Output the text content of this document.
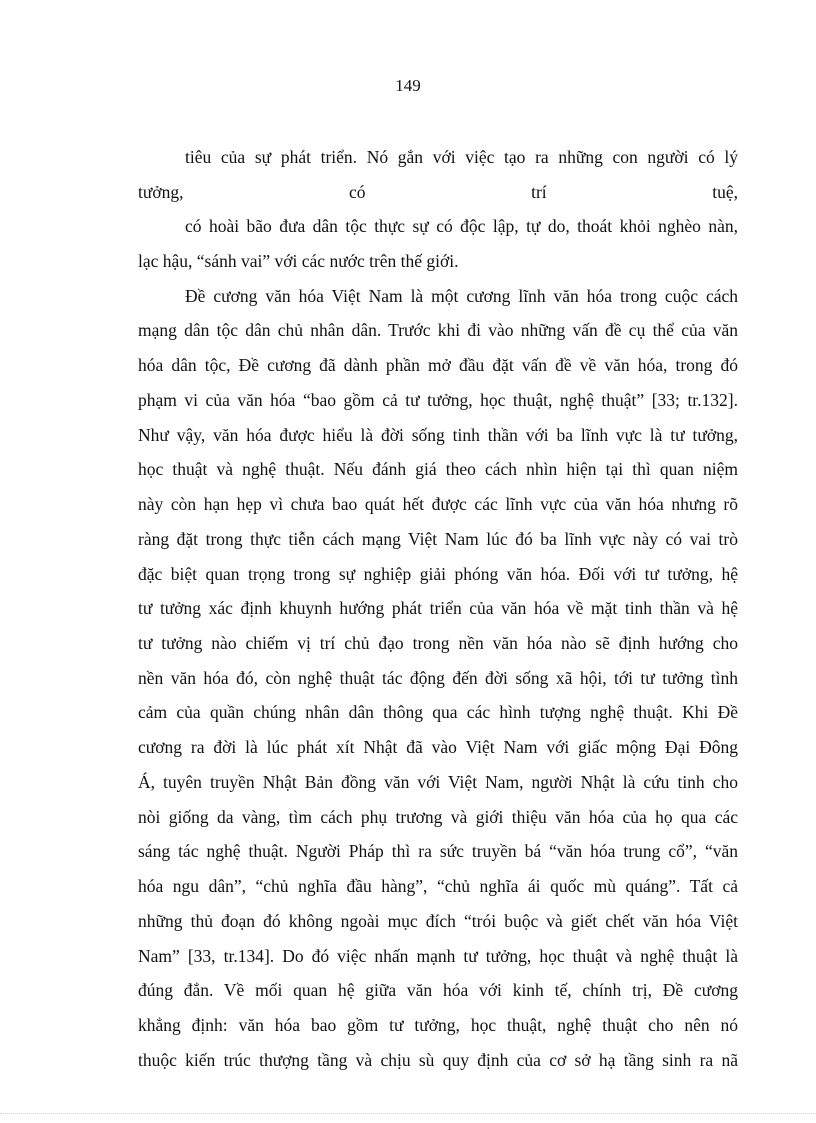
149
tiêu của sự phát triển. Nó gắn với việc tạo ra những con người có lý
tưởng, có trí tuệ,
có hoài bão đưa dân tộc thực sự có độc lập, tự do, thoát khỏi nghèo nàn,
lạc hậu, “sánh vai” với các nước trên thế giới.
Đề cương văn hóa Việt Nam là một cương lĩnh văn hóa trong cuộc cách
mạng dân tộc dân chủ nhân dân. Trước khi đi vào những vấn đề cụ thể của văn
hóa dân tộc, Đề cương đã dành phần mở đầu đặt vấn đề về văn hóa, trong đó
phạm vi của văn hóa “bao gồm cả tư tưởng, học thuật, nghệ thuật” [33; tr.132].
Như vậy, văn hóa được hiểu là đời sống tinh thần với ba lĩnh vực là tư tưởng,
học thuật và nghệ thuật. Nếu đánh giá theo cách nhìn hiện tại thì quan niệm
này còn hạn hẹp vì chưa bao quát hết được các lĩnh vực của văn hóa nhưng rõ
ràng đặt trong thực tiễn cách mạng Việt Nam lúc đó ba lĩnh vực này có vai trò
đặc biệt quan trọng trong sự nghiệp giải phóng văn hóa. Đối với tư tưởng, hệ
tư tưởng xác định khuynh hướng phát triển của văn hóa về mặt tinh thần và hệ
tư tưởng nào chiếm vị trí chủ đạo trong nền văn hóa nào sẽ định hướng cho
nền văn hóa đó, còn nghệ thuật tác động đến đời sống xã hội, tới tư tưởng tình
cảm của quần chúng nhân dân thông qua các hình tượng nghệ thuật. Khi Đề
cương ra đời là lúc phát xít Nhật đã vào Việt Nam với giấc mộng Đại Đông
Á, tuyên truyền Nhật Bản đồng văn với Việt Nam, người Nhật là cứu tinh cho
nòi giống da vàng, tìm cách phụ trương và giới thiệu văn hóa của họ qua các
sáng tác nghệ thuật. Người Pháp thì ra sức truyền bá “văn hóa trung cổ”, “văn
hóa ngu dân”, “chủ nghĩa đầu hàng”, “chủ nghĩa ái quốc mù quáng”. Tất cả
những thủ đoạn đó không ngoài mục đích “trói buộc và giết chết văn hóa Việt
Nam” [33, tr.134]. Do đó việc nhấn mạnh tư tưởng, học thuật và nghệ thuật là
đúng đắn. Về mối quan hệ giữa văn hóa với kinh tế, chính trị, Đề cương
khẳng định: văn hóa bao gồm tư tưởng, học thuật, nghệ thuật cho nên nó
thuộc kiến trúc thượng tầng và chịu sù quy định của cơ sở hạ tầng sinh ra nã
